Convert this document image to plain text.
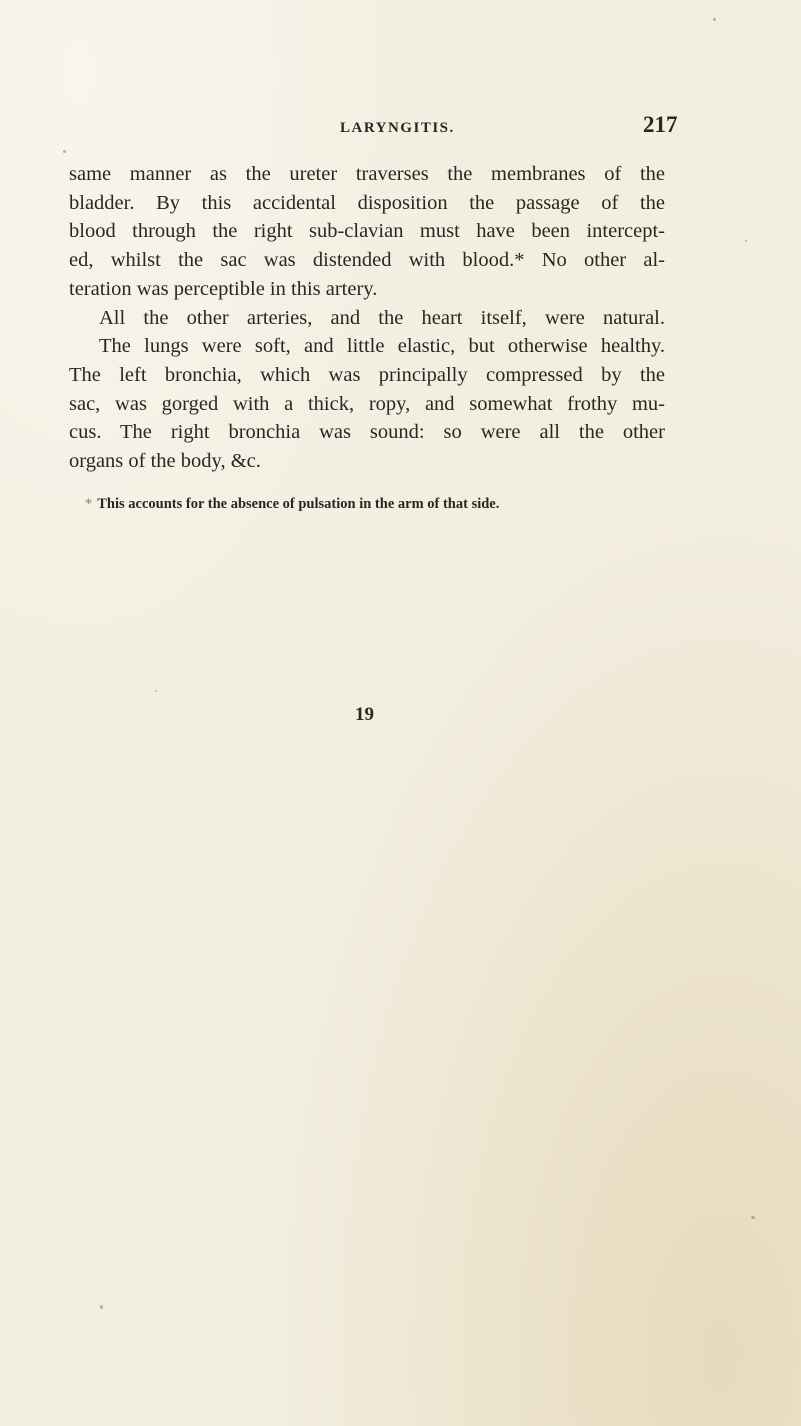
LARYNGITIS.	217
same manner as the ureter traverses the membranes of the
bladder. By this accidental disposition the passage of the
blood through the right sub-clavian must have been intercept-
ed, whilst the sac was distended with blood.* No other al-
teration was perceptible in this artery.
All the other arteries, and the heart itself, were natural.
The lungs were soft, and little elastic, but otherwise healthy.
The left bronchia, which was principally compressed by the
sac, was gorged with a thick, ropy, and somewhat frothy mu-
cus. The right bronchia was sound: so were all the other
organs of the body, &c.
* This accounts for the absence of pulsation in the arm of that side.
19
